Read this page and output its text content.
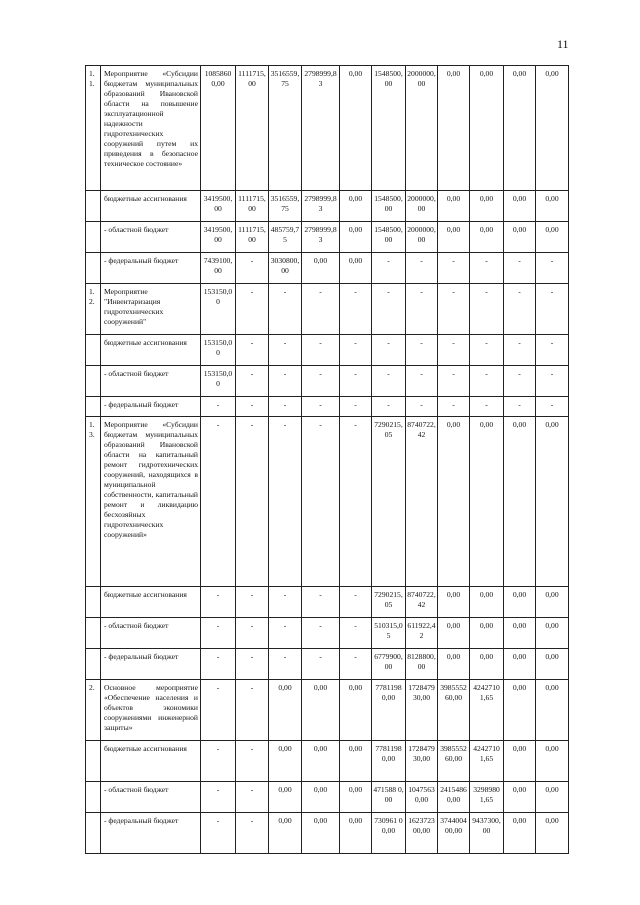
11
1.
1.	Мероприятие «Субсидии бюджетам муниципальных образований Ивановской области на повышение эксплуатационной надежности гидротехнических сооружений путем их приведения в безопасное техническое состояние»	10858600,00	1111715,00	3516559,75	2798999,83	0,00	1548500,00	2000000,00	0,00	0,00	0,00	0,00
	бюджетные ассигнования	3419500,00	1111715,00	3516559,75	2798999,83	0,00	1548500,00	2000000,00	0,00	0,00	0,00	0,00
	- областной бюджет	3419500,00	1111715,00	485759,75	2798999,83	0,00	1548500,00	2000000,00	0,00	0,00	0,00	0,00
	- федеральный бюджет	7439100,00	-	3030800,00	0,00	0,00	-	-	-	-	-	-
1.
2.	Мероприятие "Инвентаризация гидротехнических сооружений"	153150,00	-	-	-	-	-	-	-	-	-	-
	бюджетные ассигнования	153150,00	-	-	-	-	-	-	-	-	-	-
	- областной бюджет	153150,00	-	-	-	-	-	-	-	-	-	-
	- федеральный бюджет	-	-	-	-	-	-	-	-	-	-	-
1.
3.	Мероприятие «Субсидии бюджетам муниципальных образований Ивановской области на капитальный ремонт гидротехнических сооружений, находящихся в муниципальной собственности, капитальный ремонт и ликвидацию бесхозяйных гидротехнических сооружений»	-	-	-	-	-	7290215,05	8740722,42	0,00	0,00	0,00	0,00
	бюджетные ассигнования	-	-	-	-	-	7290215,05	8740722,42	0,00	0,00	0,00	0,00
	- областной бюджет	-	-	-	-	-	510315,05	611922,42	0,00	0,00	0,00	0,00
	- федеральный бюджет	-	-	-	-	-	6779900,00	8128800,00	0,00	0,00	0,00	0,00
2.	Основное мероприятие «Обеспечение населения и объектов экономики сооружениями инженерной защиты»	-	-	0,00	0,00	0,00	7781198 0,00	172847930,00	398555260,00	42427101,65	0,00	0,00
	бюджетные ассигнования	-	-	0,00	0,00	0,00	7781198 0,00	172847930,00	398555260,00	42427101,65	0,00	0,00
	- областной бюджет	-	-	0,00	0,00	0,00	471588 0,00	10475630,00	24154860,00	32989801,65	0,00	0,00
	- федеральный бюджет	-	-	0,00	0,00	0,00	730961 00,00	162372300,00	374400400,00	9437300,00	0,00	0,00
